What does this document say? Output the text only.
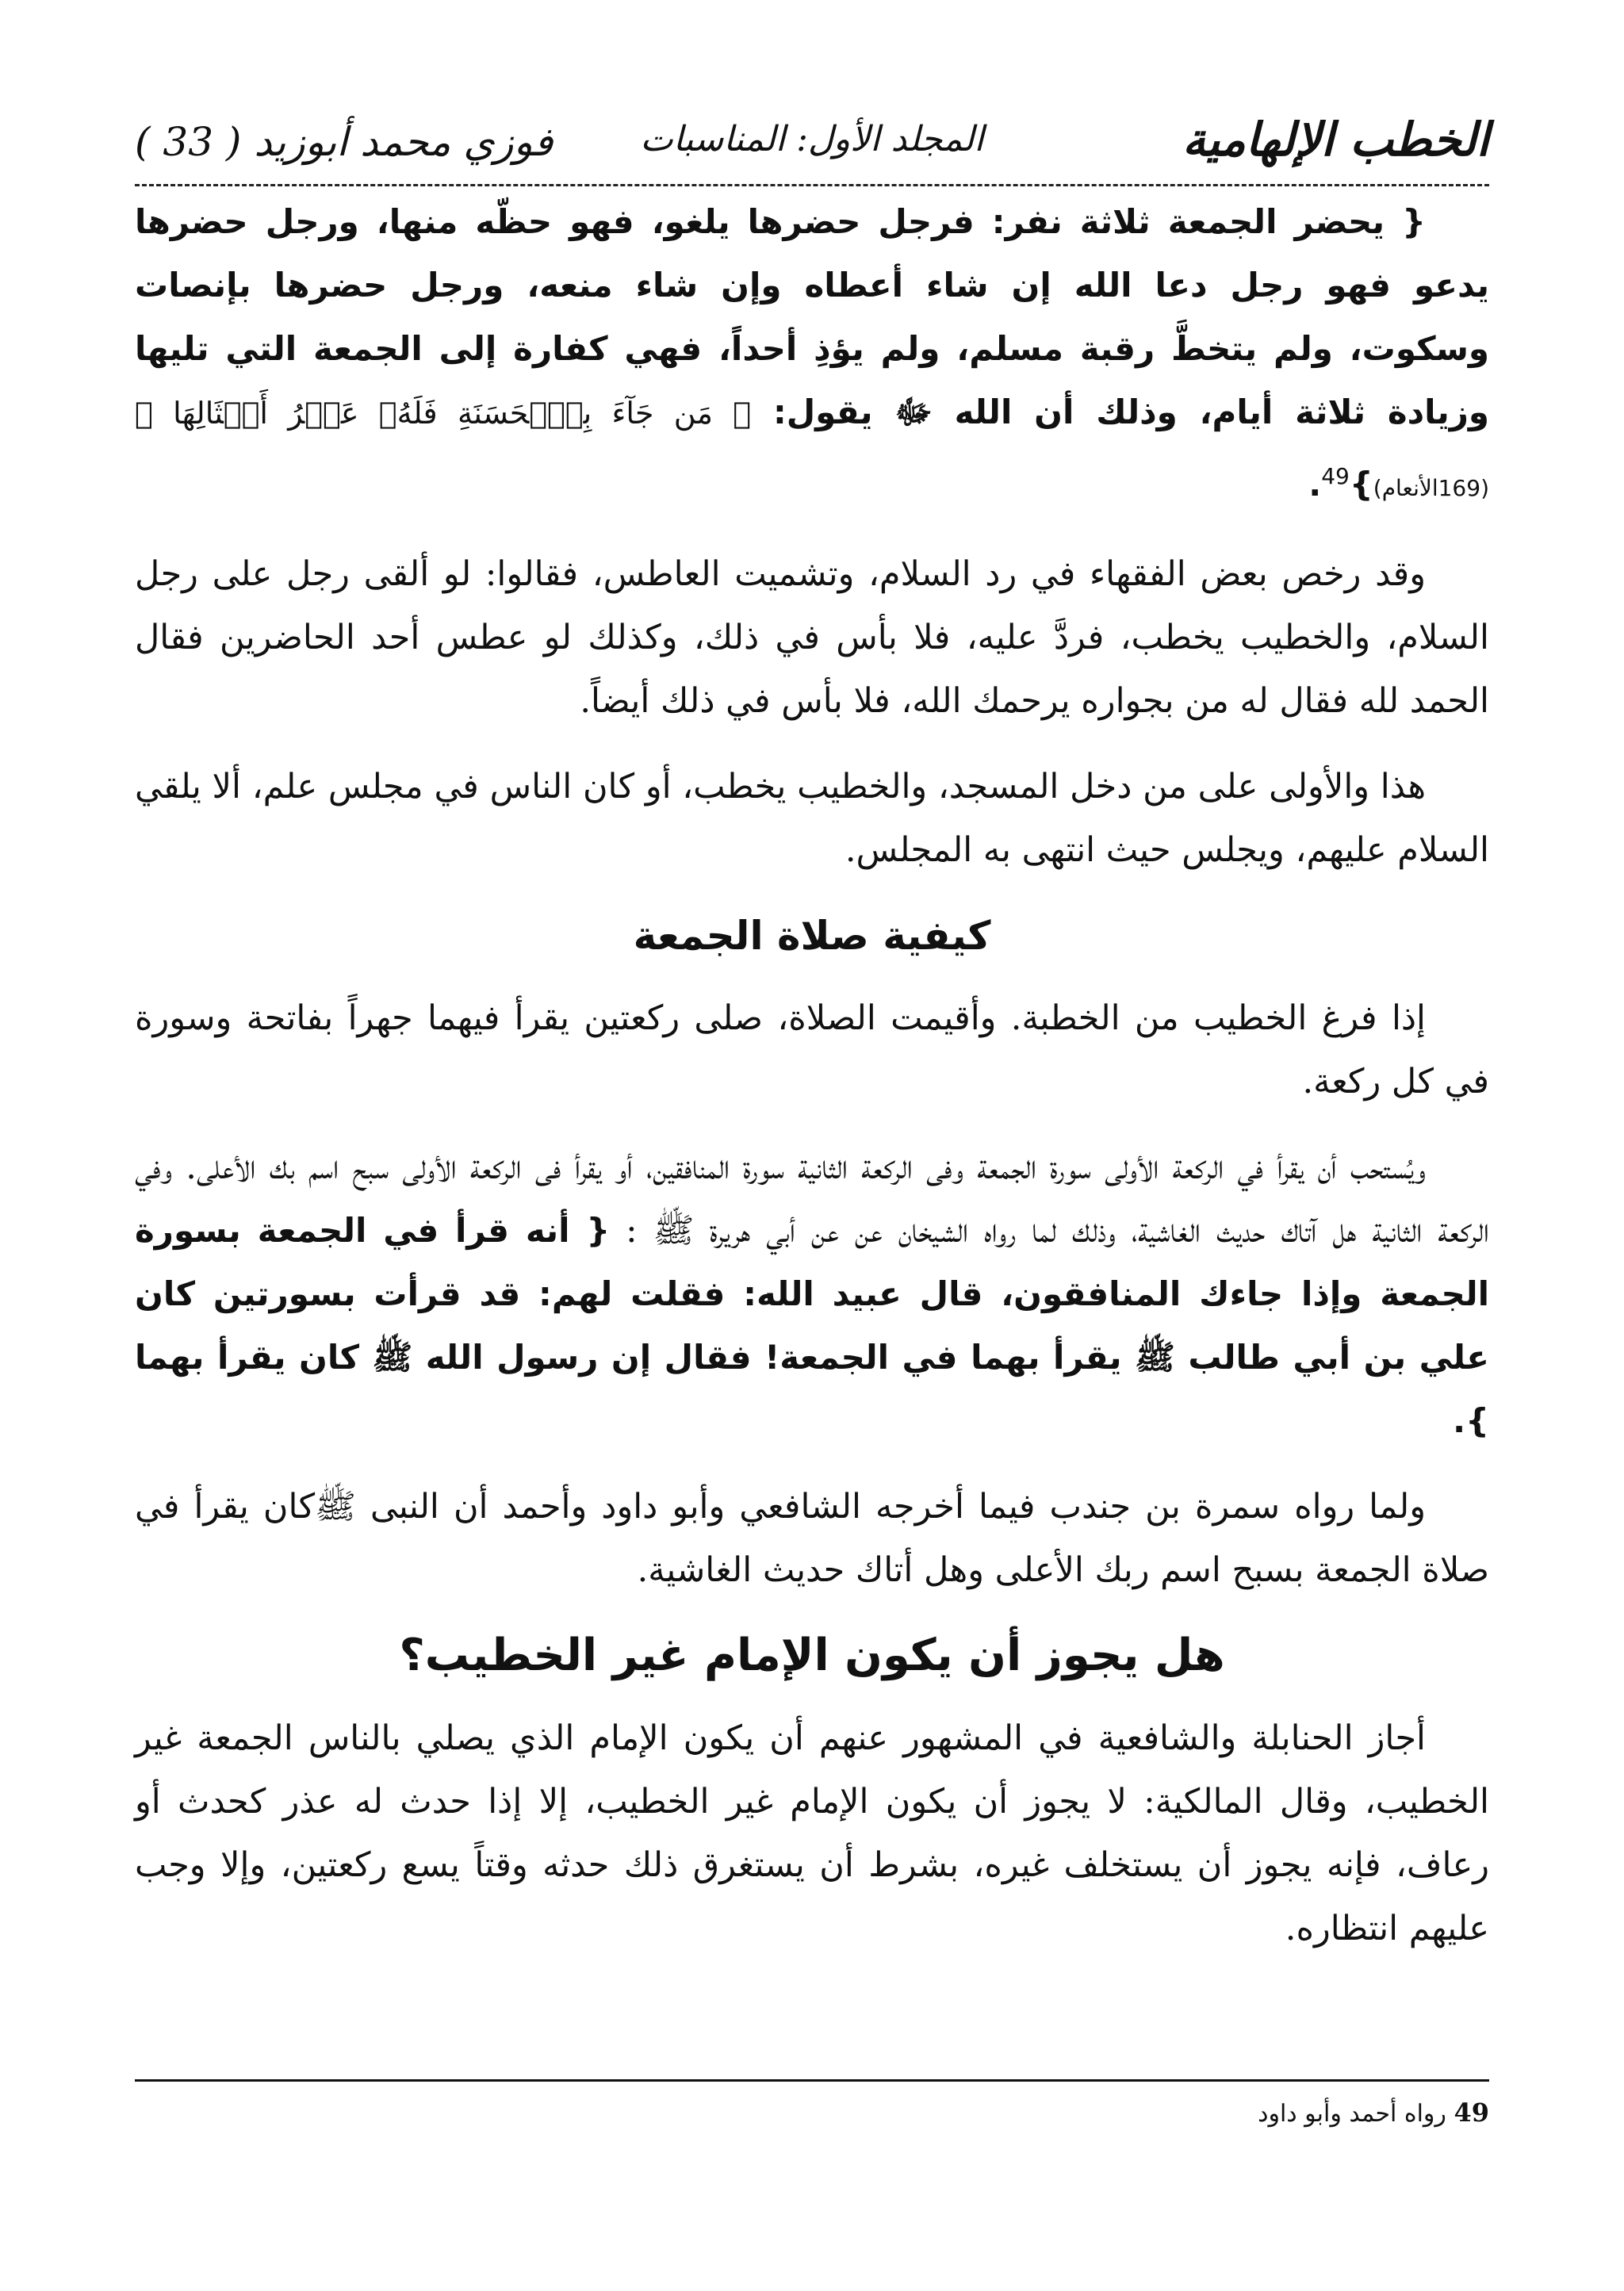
فوزي محمد أبوزيد ( 33 )	المجلد الأول: المناسبات	الخطب الإلهامية

{ يحضر الجمعة ثلاثة نفر: فرجل حضرها يلغو، فهو حظّه منها، ورجل حضرها يدعو فهو رجل دعا الله إن شاء أعطاه وإن شاء منعه، ورجل حضرها بإنصات وسكوت، ولم يتخطَّ رقبة مسلم، ولم يؤذِ أحداً، فهي كفارة إلى الجمعة التي تليها وزيادة ثلاثة أيام، وذلك أن الله ﷻ يقول: ﴿ مَن جَآءَ بِٱلۡحَسَنَةِ فَلَهُۥ عَشۡرُ أَمۡثَالِهَا ﴾ (169الأنعام)}$^{49}$.

وقد رخص بعض الفقهاء في رد السلام، وتشميت العاطس، فقالوا: لو ألقى رجل على رجل السلام، والخطيب يخطب، فردَّ عليه، فلا بأس في ذلك، وكذلك لو عطس أحد الحاضرين فقال الحمد لله فقال له من بجواره يرحمك الله، فلا بأس في ذلك أيضاً.

هذا والأولى على من دخل المسجد، والخطيب يخطب، أو كان الناس في مجلس علم، ألا يلقي السلام عليهم، ويجلس حيث انتهى به المجلس.

كيفية صلاة الجمعة

إذا فرغ الخطيب من الخطبة. وأقيمت الصلاة، صلى ركعتين يقرأ فيهما جهراً بفاتحة وسورة في كل ركعة.

ويُستحب أن يقرأ في الركعة الأولى سورة الجمعة وفى الركعة الثانية سورة المنافقين، أو يقرأ فى الركعة الأولى سبح اسم بك الأعلى. وفي الركعة الثانية هل آتاك حديث الغاشية، وذلك لما رواه الشيخان عن عن أبي هريرة ﷺ : { أنه قرأ في الجمعة بسورة الجمعة وإذا جاءك المنافقون، قال عبيد الله: فقلت لهم: قد قرأت بسورتين كان علي بن أبي طالب ﷺ يقرأ بهما في الجمعة! فقال إن رسول الله ﷺ كان يقرأ بهما }.

ولما رواه سمرة بن جندب فيما أخرجه الشافعي وأبو داود وأحمد أن النبى ﷺكان يقرأ في صلاة الجمعة بسبح اسم ربك الأعلى وهل أتاك حديث الغاشية.

هل يجوز أن يكون الإمام غير الخطيب؟

أجاز الحنابلة والشافعية في المشهور عنهم أن يكون الإمام الذي يصلي بالناس الجمعة غير الخطيب، وقال المالكية: لا يجوز أن يكون الإمام غير الخطيب، إلا إذا حدث له عذر كحدث أو رعاف، فإنه يجوز أن يستخلف غيره، بشرط أن يستغرق ذلك حدثه وقتاً يسع ركعتين، وإلا وجب عليهم انتظاره.

49 رواه أحمد وأبو داود
